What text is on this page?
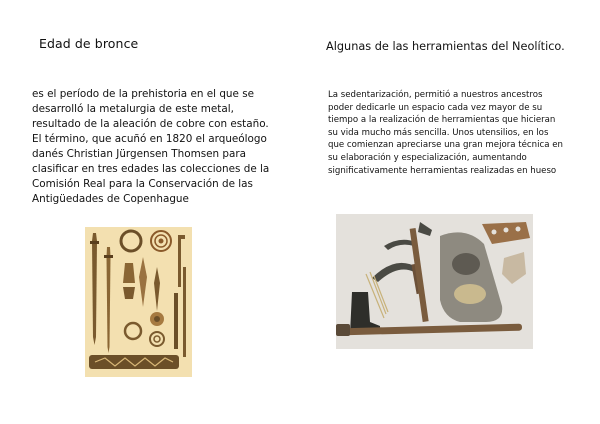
Edad de bronce
es el período de la prehistoria en el que se desarrolló la metalurgia de este metal, resultado de la aleación de cobre con estaño. El término, que acuñó en 1820 el arqueólogo danés Christian Jürgensen Thomsen para clasificar en tres edades las colecciones de la Comisión Real para la Conservación de las Antigüedades de Copenhague
Algunas de las herramientas del Neolítico.
La sedentarización, permitió a nuestros ancestros poder dedicarle un espacio cada vez mayor de su tiempo a la realización de herramientas que hicieran su vida mucho más sencilla. Unos utensilios, en los que comienzan apreciarse una gran mejora técnica en su elaboración y especialización, aumentando significativamente herramientas realizadas en hueso
